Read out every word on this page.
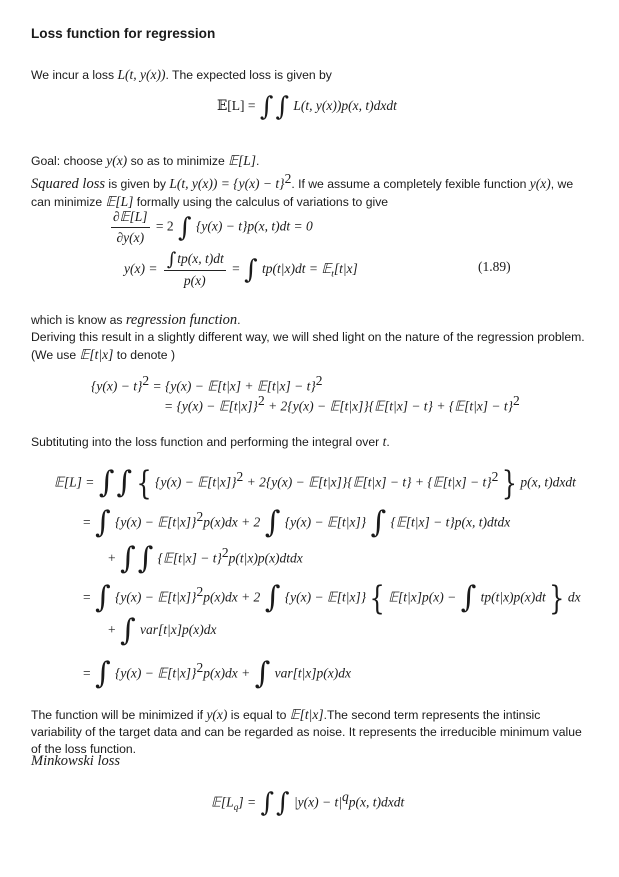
Loss function for regression
We incur a loss L(t, y(x)). The expected loss is given by
𝔼[L] = ∫∫ L(t, y(x))p(x, t)dxdt
Goal: choose y(x) so as to minimize 𝔼[L].
Squared loss is given by L(t, $y(x)) = \{y(x) - t\}^2$. If we assume a completely fexible function y(x), we can minimize 𝔼[L] formally using the calculus of variations to give
$\frac{\text{∂𝔼[L]}}{\partial y(x)} = 2$ ∫ {y(x) − t}p(x, t)dt = 0
$y(x) = \frac{\int tp(x, t)dt}{p(x)}$ = ∫ tp(t|x)dt = 𝔼$_t$[t|x]	(1.89)
which is know as regression function.
Deriving this result in a slightly different way, we will shed light on the nature of the regression problem. (We use 𝔼[t|x] to denote )
$\{y(x) - t\}^2 = \{y(x)$ − 𝔼[t|x] + 𝔼[t|x] − t}$^2$
= {y(x) − 𝔼[t|x]}$^2$ + 2{y(x) − 𝔼[t|x]}{𝔼[t|x] − t} + {𝔼[t|x] − t}$^2$
Subtituting into the loss function and performing the integral over t.
𝔼[L] = ∫∫ { {y(x) − 𝔼[t|x]}$^2$ + 2{y(x) − 𝔼[t|x]}{𝔼[t|x] − t} + {𝔼[t|x] − t}$^2$ } p(x, t)dxdt
= ∫ {y(x) − 𝔼[t|x]}$^2$p(x)dx + 2 ∫ {y(x) − 𝔼[t|x]} ∫ {𝔼[t|x] − t}p(x, t)dtdx
+ ∫∫ {𝔼[t|x] − t}$^2$p(t|x)p(x)dtdx
= ∫ {y(x) − 𝔼[t|x]}$^2$p(x)dx + 2 ∫ {y(x) − 𝔼[t|x]} { 𝔼[t|x]p(x) − ∫ tp(t|x)p(x)dt } dx
+ ∫ var[t|x]p(x)dx
= ∫ {y(x) − 𝔼[t|x]}$^2$p(x)dx + ∫ var[t|x]p(x)dx
The function will be minimized if y(x) is equal to 𝔼[t|x].The second term represents the intinsic variability of the target data and can be regarded as noise. It represents the irreducible minimum value of the loss function.
Minkowski loss
$𝔼[L_q]$ = ∫∫ $|y(x) - t|^qp(x$, t)dxdt
